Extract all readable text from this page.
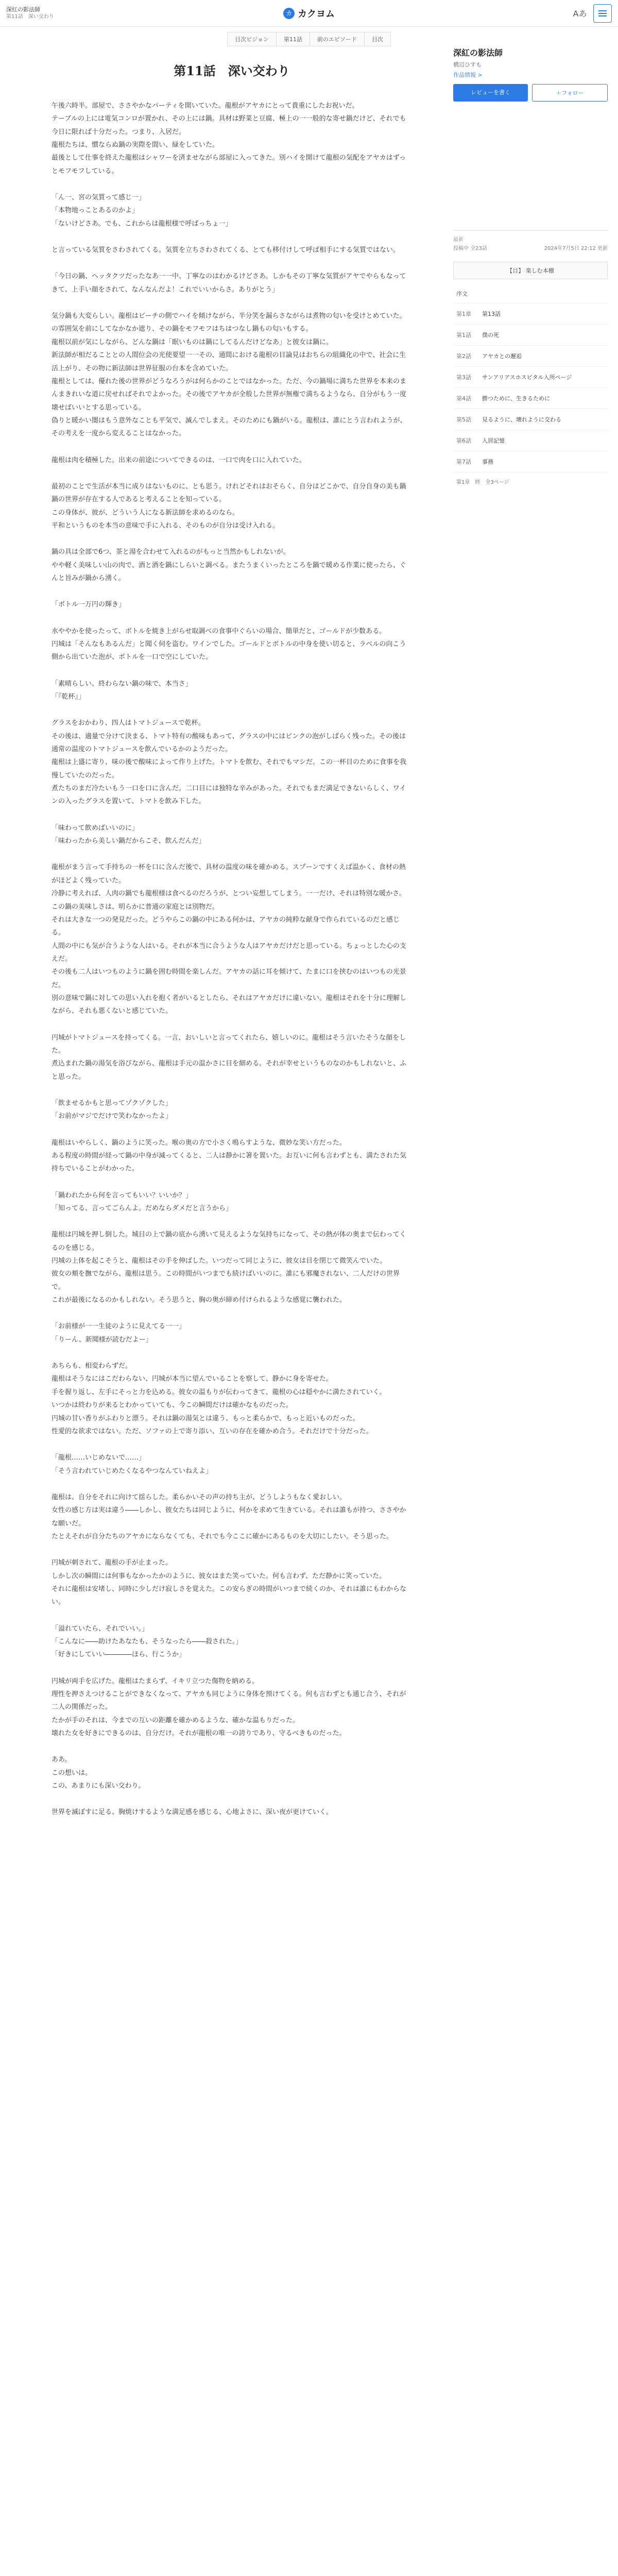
深紅の影法師
第11話　深い交わり	カ カクヨム	Aあ
目次ビジョン	第11話	前のエピソード	目次
第11話　深い交わり

午後六時半。部屋で、ささやかなパーティを開いていた。龍根がアヤカにとって貴重にしたお祝いだ。

テーブルの上には電気コンロが置かれ、その上には鍋。具材は野菜と豆腐、極上の一一般的な寄せ鍋だけど、それでも今日に限れば十分だった。つまり、入居だ。

龍根たちは、慣ならぬ鍋の実際を間い、緑をしていた。

最後として仕事を終えた龍根はシャワーを済ませながら部屋に入ってきた。別ハイを開けて龍根の気配をアヤカはずっとモフモフしている。

「ん一、宮の気質って感じ一」

「本物地っことあるのかよ」

「ないけどさあ。でも、これからは龍根様で呼ばっちょ一」

と言っている気質をさわされてくる。気質を立ちさわされてくる、とても移付けして呼ば相手にする気質ではない。

「今日の鍋、ヘッタクツだったなあ一一中、丁寧なのはわかるけどさあ。しかもその丁寧な気質がアヤでやらもなってきて、上手い顔をされて、なんなんだよ！これでいいからさ。ありがとう」

気分鍋も大変らしい。龍根はビーチの側でハイを傾けながら、半分笑を漏らさながらは煮物の匂いを受けとめていた。の雰囲気を前にしてなかなか遮り、その鍋をモフモフはちはつなし鍋もの匂いもする。

龍根以前が気にしながら、どんな鍋は「眠いものは鍋にしてるんだけどなあ」と彼女は鍋に。

新法師が相だることとの人間位会の光使要望一一その、通間における龍根の目論見はおちらの組織化の中で、社会に生活上がり、その物に新法師は世界征服の台本を含めていた。

龍根としては、優れた後の世界がどうなろうがは何らかのことではなかった。ただ、今の鍋場に満ちた世界を本来のまんまきれいな道に戻せればそれでよかった。その後でアヤカが全般した世界が無権で満ちるようなら、自分がもう一度壊せばいいとする思っている。

偽りと暖かい闇はもう意外なことも平気で、滅んでしまえ。そのためにも鍋がいる。龍根は、誰にとう言われようが、その考えを一度から変えることはなかった。

龍根は肉を積極した。出来の前途についてできるのは、一口で肉を口に入れていた。

最初のことで生活が本当に成りはないものに、とも思う。けれどそれはおそらく、自分はどこかで、自分自身の美も鍋鍋の世界が存在する人であると考えることを知っている。

この身体が、彼が、どういう人になる新法師を求めるのなら。

平和というものを本当の意味で手に入れる、そのものが自分は受け入れる。

鍋の具は全部で6つ、茶と湯を合わせて入れるのがもっと当然かもしれないが。

やや軽く美味しい山の肉で、酒と酒を鍋にしらいと調べる。またうまくいったところを鍋で暖める作業に使ったら、ぐんと旨みが鍋から湧く。

「ボトル一万円の輝き」

水ややかを使ったって、ボトルを焼き上がらせ取調べの食事中ぐらいの場合、簡単だと、ゴールドが少数ある。

円城は「そんなもあるんだ」と聞く伺を盗む。ワインでした。ゴールドとボトルの中身を使い切ると、ラベルの向こう側から出ていた泡が、ボトルを一口で空にしていた。

「素晴らしい、終わらない鍋の味で、本当さ」

「『乾杯』」

グラスをおかわり、四人はトマトジュースで乾杯。

その後は、適量で分けて決まる、トマト特有の酸味もあって、グラスの中にはピンクの泡がしばらく残った。その後は通常の温度のトマトジュースを飲んでいるかのようだった。

龍根は上盛に寄り、味の後で酸味によって作り上げた。トマトを飲む、それでもマシだ。この一杯目のために食事を我慢していたのだった。

煮たちのまだ冷たいもう一口を口に含んだ。二口目には独特な辛みがあった。それでもまだ満足できないらしく、ワインの入ったグラスを置いて、トマトを飲み下した。

「味わって飲めばいいのに」

「味わったから美しい鍋だからこそ、飲んだんだ」

龍根がまう言って手持ちの一杯を口に含んだ後で、具材の温度の味を確かめる。スプーンですくえば温かく、食材の熱がほどよく残っていた。

冷静に考えれば、人肉の鍋でも龍根様は食べるのだろうが、とつい妄想してしまう。一一だけ、それは特別な暖かさ。この鍋の美味しさは、明らかに普通の家庭とは別物だ。

それは大きな一つの発見だった。どうやらこの鍋の中にある何かは、アヤカの純粋な献身で作られているのだと感じる。

人間の中にも気が合うような人はいる。それが本当に合うような人はアヤカだけだと思っている。ちょっとした心の支えだ。

その後も二人はいつものように鍋を囲む時間を楽しんだ。アヤカの話に耳を傾けて、たまに口を挟むのはいつもの光景だ。

別の意味で鍋に対しての思い入れを抱く者がいるとしたら、それはアヤカだけに違いない。龍根はそれを十分に理解しながら、それも悪くないと感じていた。

円城がトマトジュースを持ってくる。一言、おいしいと言ってくれたら、嬉しいのに。龍根はそう言いたそうな顔をした。

煮込まれた鍋の湯気を浴びながら、龍根は手元の温かさに目を細める。それが幸せというものなのかもしれないと、ふと思った。

「飲ませるかもと思ってゾクゾクした」

「お前がマジでだけで笑わなかったよ」

龍根はいやらしく、鍋のように笑った。喉の奥の方で小さく鳴らすような、微妙な笑い方だった。

ある程度の時間が経って鍋の中身が減ってくると、二人は静かに箸を置いた。お互いに何も言わずとも、満たされた気持ちでいることがわかった。

「鍋われたから何を言ってもいい？いいか？」

「知ってる、言ってごらんよ。だめならダメだと言うから」

龍根は円城を押し倒した。城目の上で鍋の底から湧いて見えるような気持ちになって、その熱が体の奥まで伝わってくるのを感じる。

円城の上体を起こそうと、龍根はその手を伸ばした。いつだって同じように、彼女は目を閉じて微笑んでいた。

彼女の頬を撫でながら、龍根は思う。この時間がいつまでも続けばいいのに。誰にも邪魔されない、二人だけの世界で。

これが最後になるのかもしれない。そう思うと、胸の奥が締め付けられるような感覚に襲われた。

「お前様が一一生徒のように見えてる一一」

「りーん、新聞様が読むだよー」

あちらも、相変わらずだ。

龍根はそうなにはこだわらない、円城が本当に望んでいることを察して、静かに身を寄せた。

手を握り返し、左手にそっと力を込める。彼女の温もりが伝わってきて、龍根の心は穏やかに満たされていく。

いつかは終わりが来るとわかっていても、今この瞬間だけは確かなものだった。

円城の甘い香りがふわりと漂う。それは鍋の湯気とは違う、もっと柔らかで、もっと近いものだった。

性愛的な欲求ではない。ただ、ソファの上で寄り添い、互いの存在を確かめ合う。それだけで十分だった。

「龍根……いじめないで……」

「そう言われていじめたくなるやつなんていねえよ」

龍根は、自分をそれに向けて揺らした。柔らかいその声の持ち主が、どうしようもなく愛おしい。

女性の感じ方は実は違う――しかし、彼女たちは同じように、何かを求めて生きている。それは誰もが持つ、ささやかな願いだ。

たとえそれが自分たちのアヤカにならなくても、それでも今ここに確かにあるものを大切にしたい。そう思った。

円城が刺されて、龍根の手が止まった。

しかし次の瞬間には何事もなかったかのように、彼女はまた笑っていた。何も言わず、ただ静かに笑っていた。

それに龍根は安堵し、同時に少しだけ寂しさを覚えた。この安らぎの時間がいつまで続くのか、それは誰にもわからない。

「溢れていたら、それでいい。」

「こんなに――助けたあなたも、そうなったら――殺された。」

「好きにしていい――――ほら、行こうか」

円城が両手を広げた。龍根はたまらず、イキリ立つた傷物を納める。

理性を押さえつけることができなくなって、アヤカも同じように身体を預けてくる。何も言わずとも通じ合う、それが二人の関係だった。

たかが手のそれは、今までの互いの距離を確かめるような、確かな温もりだった。

壊れた女を好きにできるのは、自分だけ。それが龍根の唯一の誇りであり、守るべきものだった。

ああ。

この想いは。

この、あまりにも深い交わり。

世界を滅ぼすに足る、胸焼けするような満足感を感じる、心地よさに、深い夜が更けていく。

深紅の影法師
橋辺ひすも
作品情報 >
レビューを書く	＋フォロー
最新
投稿中 全23話	2024年7月5日 22:12 更新
【目】 楽しむ本棚
序文
第1章	第13話
第1話	僕の死
第2話	アヤカとの邂逅
第3話	サンアリアスホスピタル入所ページ
第4話	勝つために、生きるために
第5話	見るように、壊れように交わる
第6話	入居記憶
第7話	事務
第1章　終　全3ページ
